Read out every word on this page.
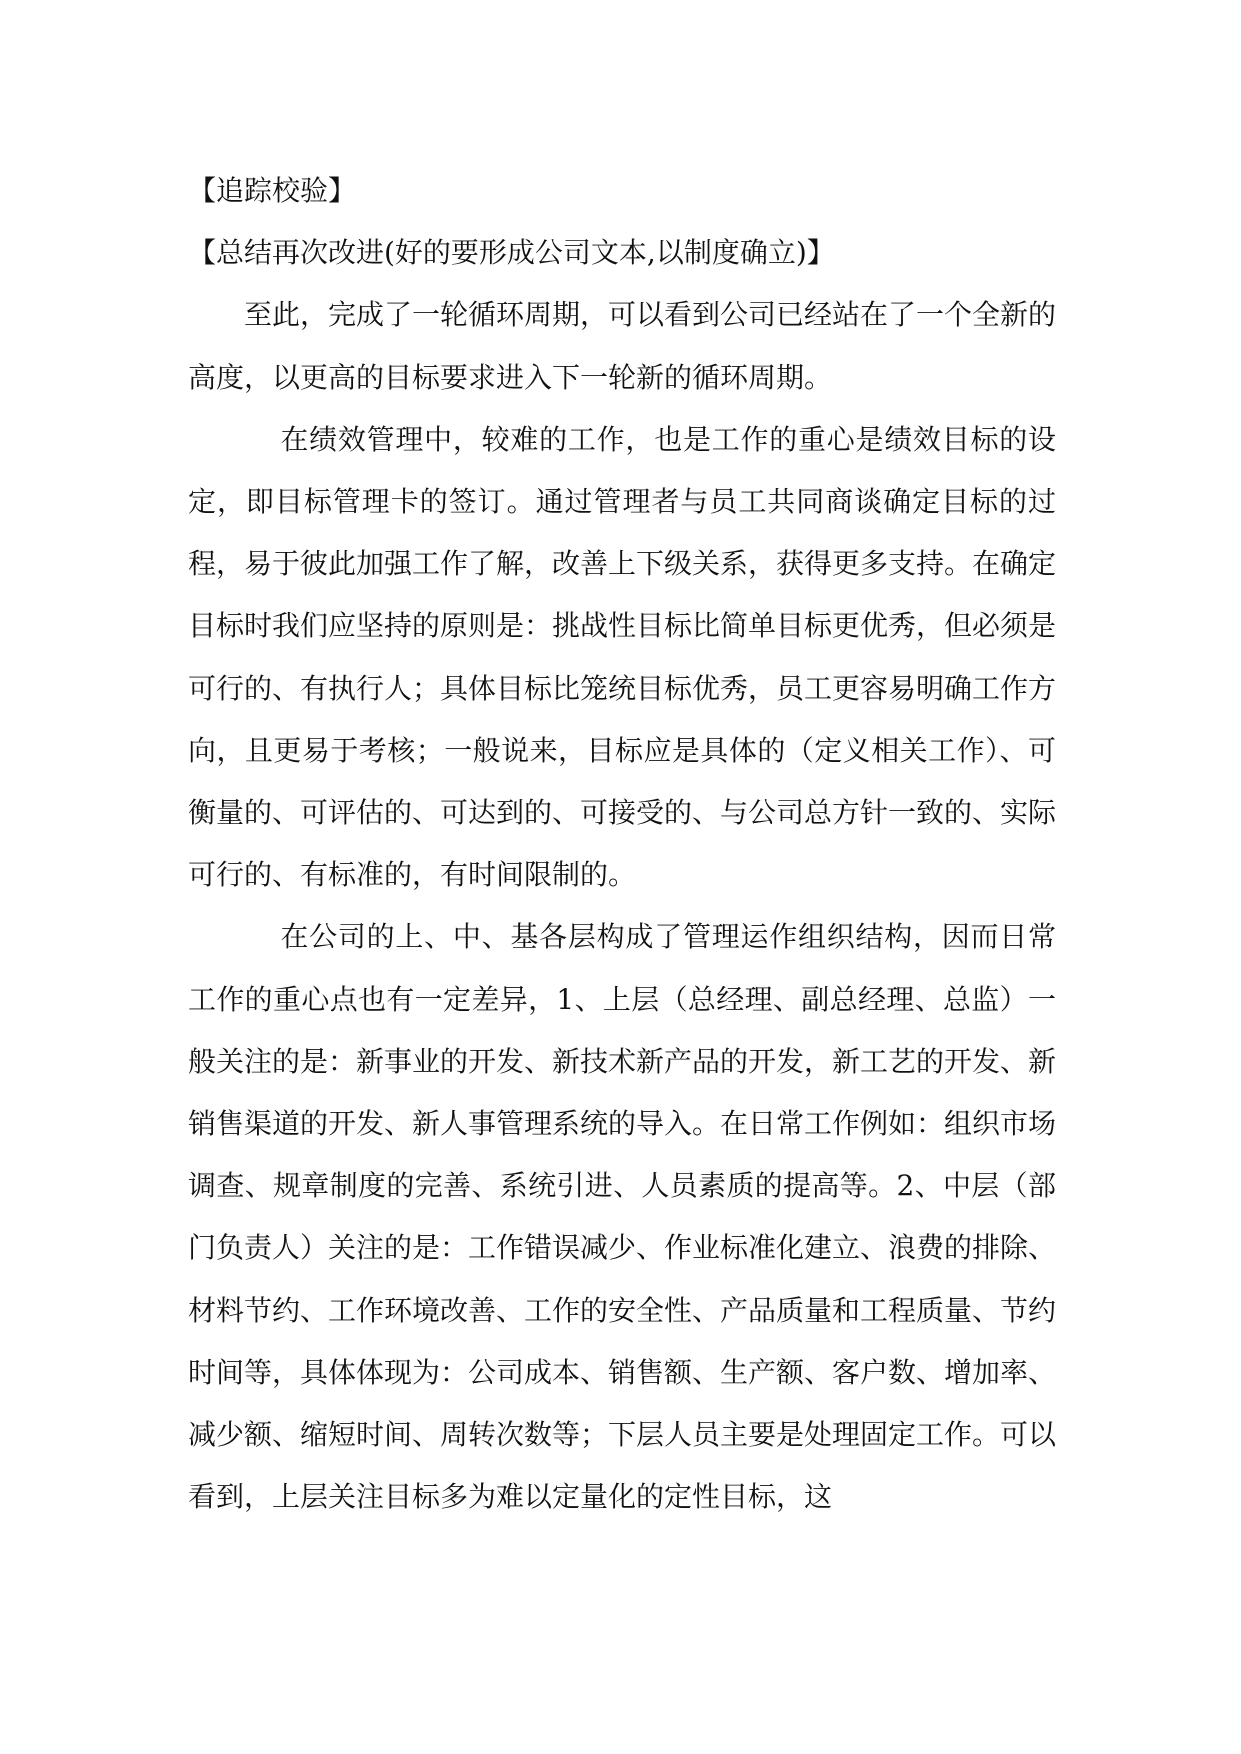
【追踪校验】

【总结再次改进(好的要形成公司文本,以制度确立)】

至此，完成了一轮循环周期，可以看到公司已经站在了一个全新的高度，以更高的目标要求进入下一轮新的循环周期。

在绩效管理中，较难的工作，也是工作的重心是绩效目标的设定，即目标管理卡的签订。通过管理者与员工共同商谈确定目标的过程，易于彼此加强工作了解，改善上下级关系，获得更多支持。在确定目标时我们应坚持的原则是：挑战性目标比简单目标更优秀，但必须是可行的、有执行人；具体目标比笼统目标优秀，员工更容易明确工作方向，且更易于考核；一般说来，目标应是具体的（定义相关工作）、可衡量的、可评估的、可达到的、可接受的、与公司总方针一致的、实际可行的、有标准的，有时间限制的。

在公司的上、中、基各层构成了管理运作组织结构，因而日常工作的重心点也有一定差异，1、上层（总经理、副总经理、总监）一般关注的是：新事业的开发、新技术新产品的开发，新工艺的开发、新销售渠道的开发、新人事管理系统的导入。在日常工作例如：组织市场调查、规章制度的完善、系统引进、人员素质的提高等。2、中层（部门负责人）关注的是：工作错误减少、作业标准化建立、浪费的排除、材料节约、工作环境改善、工作的安全性、产品质量和工程质量、节约时间等，具体体现为：公司成本、销售额、生产额、客户数、增加率、减少额、缩短时间、周转次数等；下层人员主要是处理固定工作。可以看到，上层关注目标多为难以定量化的定性目标，这
